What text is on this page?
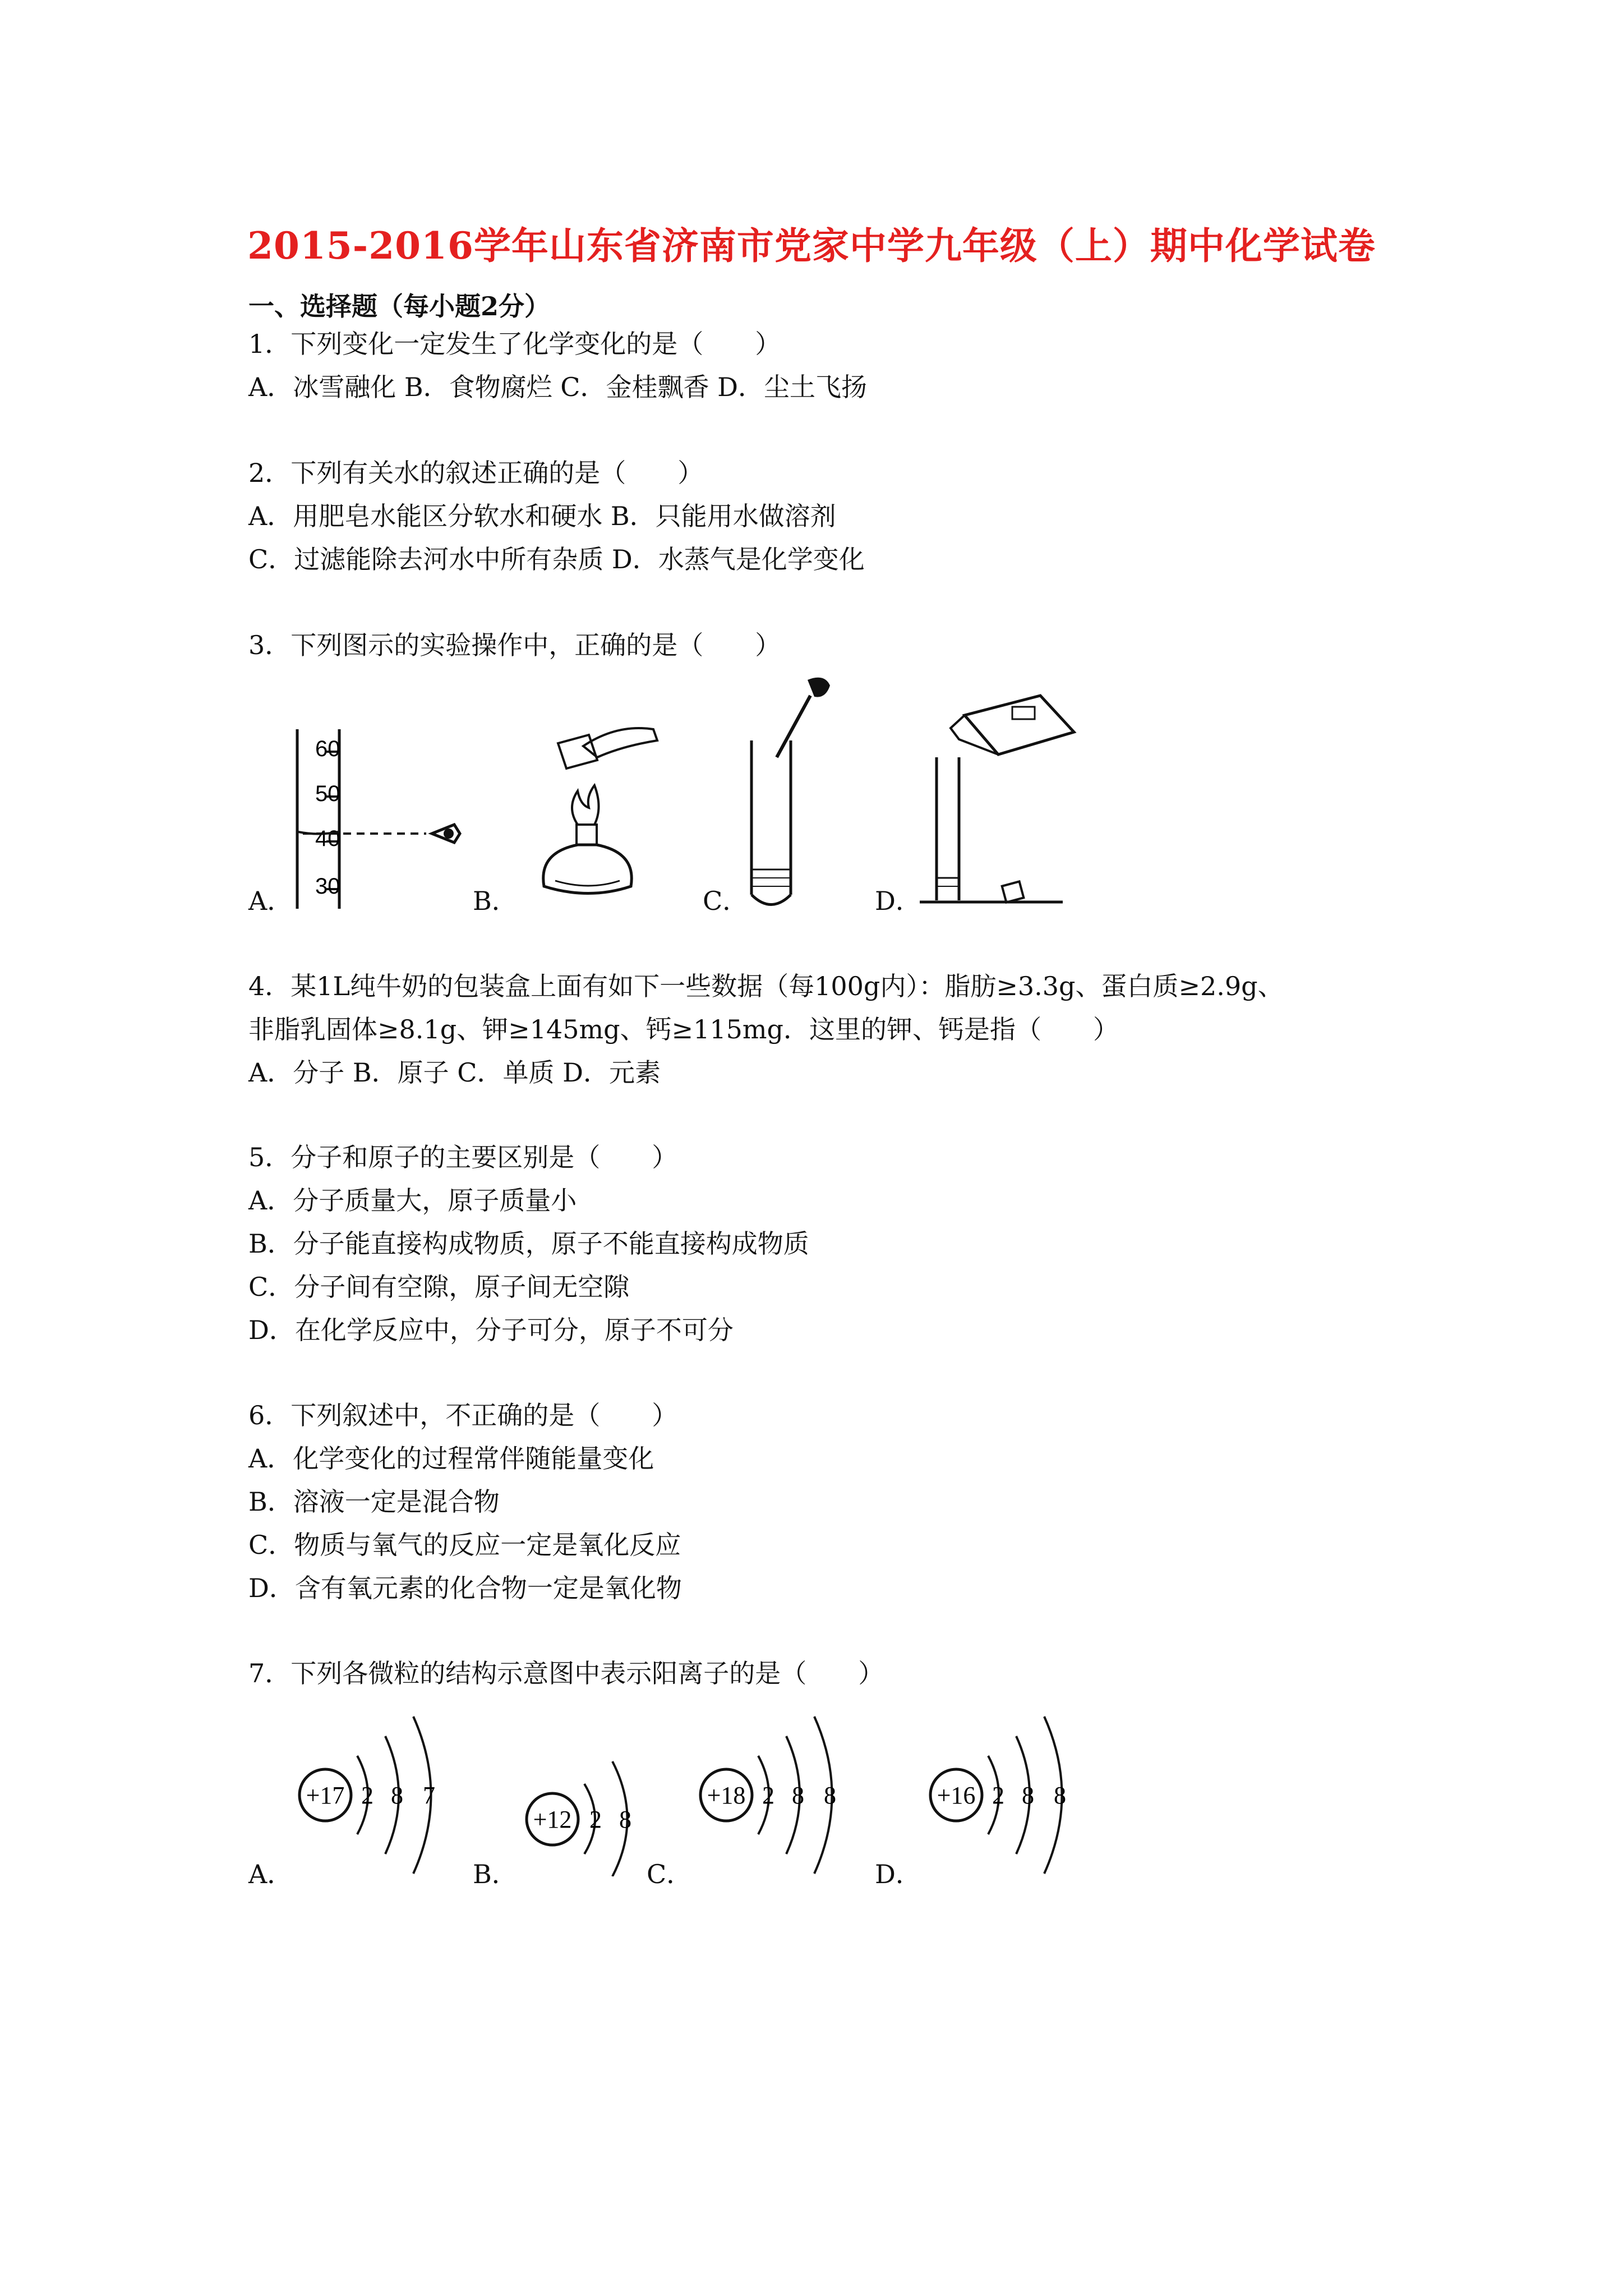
2015-2016学年山东省济南市党家中学九年级（上）期中化学试卷
一、选择题（每小题2分）
1．下列变化一定发生了化学变化的是（　　）
A．冰雪融化 B．食物腐烂 C．金桂飘香 D．尘土飞扬
2．下列有关水的叙述正确的是（　　）
A．用肥皂水能区分软水和硬水 B．只能用水做溶剂
C．过滤能除去河水中所有杂质 D．水蒸气是化学变化
3．下列图示的实验操作中，正确的是（　　）
60
50
40
30
A．	B．	C．	D．
4．某1L纯牛奶的包装盒上面有如下一些数据（每100g内）：脂肪≥3.3g、蛋白质≥2.9g、
非脂乳固体≥8.1g、钾≥145mg、钙≥115mg．这里的钾、钙是指（　　）
A．分子 B．原子 C．单质 D．元素
5．分子和原子的主要区别是（　　）
A．分子质量大，原子质量小
B．分子能直接构成物质，原子不能直接构成物质
C．分子间有空隙，原子间无空隙
D．在化学反应中，分子可分，原子不可分
6．下列叙述中，不正确的是（　　）
A．化学变化的过程常伴随能量变化
B．溶液一定是混合物
C．物质与氧气的反应一定是氧化反应
D．含有氧元素的化合物一定是氧化物
7．下列各微粒的结构示意图中表示阳离子的是（　　）
+17 2 8 7
A．
+12 2 8
B．
+18 2 8 8
C．
+16 2 8 8
D．
